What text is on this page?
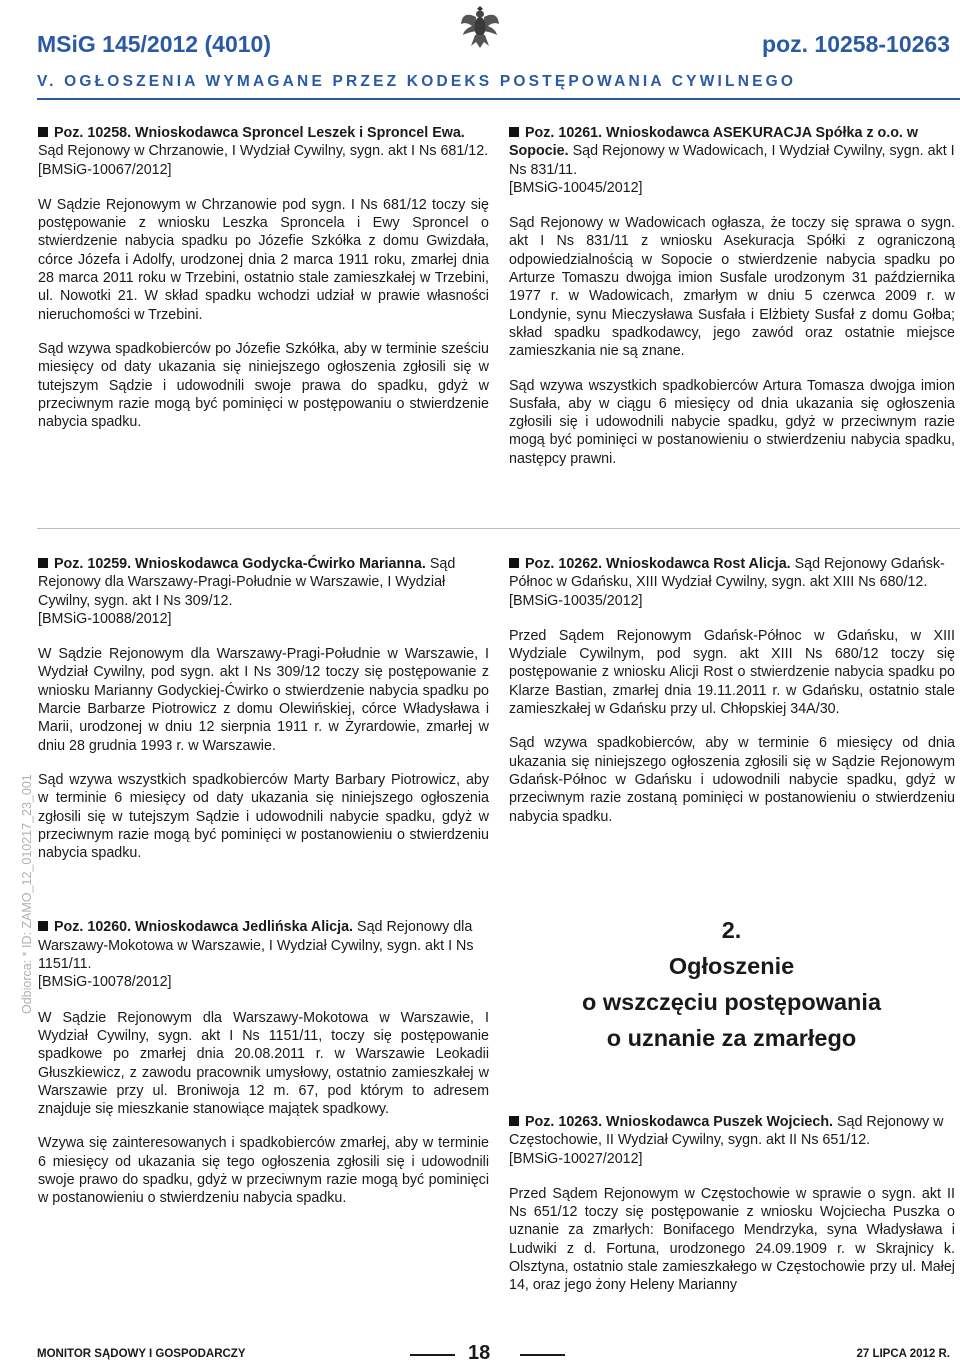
MSiG 145/2012 (4010)	poz. 10258-10263
V. OGŁOSZENIA WYMAGANE PRZEZ KODEKS POSTĘPOWANIA CYWILNEGO
Poz. 10258. Wnioskodawca Sproncel Leszek i Sproncel Ewa. Sąd Rejonowy w Chrzanowie, I Wydział Cywilny, sygn. akt I Ns 681/12.
[BMSiG-10067/2012]

W Sądzie Rejonowym w Chrzanowie pod sygn. I Ns 681/12 toczy się postępowanie z wniosku Leszka Sproncela i Ewy Sproncel o stwierdzenie nabycia spadku po Józefie Szkółka z domu Gwizdała, córce Józefa i Adolfy, urodzonej dnia 2 marca 1911 roku, zmarłej dnia 28 marca 2011 roku w Trzebini, ostatnio stale zamieszkałej w Trzebini, ul. Nowotki 21. W skład spadku wchodzi udział w prawie własności nieruchomości w Trzebini.

Sąd wzywa spadkobierców po Józefie Szkółka, aby w terminie sześciu miesięcy od daty ukazania się niniejszego ogłoszenia zgłosili się w tutejszym Sądzie i udowodnili swoje prawa do spadku, gdyż w przeciwnym razie mogą być pominięci w postępowaniu o stwierdzenie nabycia spadku.

Poz. 10261. Wnioskodawca ASEKURACJA Spółka z o.o. w Sopocie. Sąd Rejonowy w Wadowicach, I Wydział Cywilny, sygn. akt I Ns 831/11.
[BMSiG-10045/2012]

Sąd Rejonowy w Wadowicach ogłasza, że toczy się sprawa o sygn. akt I Ns 831/11 z wniosku Asekuracja Spółki z ograniczoną odpowiedzialnością w Sopocie o stwierdzenie nabycia spadku po Arturze Tomaszu dwojga imion Susfale urodzonym 31 października 1977 r. w Wadowicach, zmarłym w dniu 5 czerwca 2009 r. w Londynie, synu Mieczysława Susfała i Elżbiety Susfał z domu Gołba; skład spadku spadkodawcy, jego zawód oraz ostatnie miejsce zamieszkania nie są znane.

Sąd wzywa wszystkich spadkobierców Artura Tomasza dwojga imion Susfała, aby w ciągu 6 miesięcy od dnia ukazania się ogłoszenia zgłosili się i udowodnili nabycie spadku, gdyż w przeciwnym razie mogą być pominięci w postanowieniu o stwierdzeniu nabycia spadku, następcy prawni.

Poz. 10259. Wnioskodawca Godycka-Ćwirko Marianna. Sąd Rejonowy dla Warszawy-Pragi-Południe w Warszawie, I Wydział Cywilny, sygn. akt I Ns 309/12.
[BMSiG-10088/2012]

W Sądzie Rejonowym dla Warszawy-Pragi-Południe w Warszawie, I Wydział Cywilny, pod sygn. akt I Ns 309/12 toczy się postępowanie z wniosku Marianny Godyckiej-Ćwirko o stwierdzenie nabycia spadku po Marcie Barbarze Piotrowicz z domu Olewińskiej, córce Władysława i Marii, urodzonej w dniu 12 sierpnia 1911 r. w Żyrardowie, zmarłej w dniu 28 grudnia 1993 r. w Warszawie.

Sąd wzywa wszystkich spadkobierców Marty Barbary Piotrowicz, aby w terminie 6 miesięcy od daty ukazania się niniejszego ogłoszenia zgłosili się w tutejszym Sądzie i udowodnili nabycie spadku, gdyż w przeciwnym razie mogą być pominięci w postanowieniu o stwierdzeniu nabycia spadku.

Poz. 10260. Wnioskodawca Jedlińska Alicja. Sąd Rejonowy dla Warszawy-Mokotowa w Warszawie, I Wydział Cywilny, sygn. akt I Ns 1151/11.
[BMSiG-10078/2012]

W Sądzie Rejonowym dla Warszawy-Mokotowa w Warszawie, I Wydział Cywilny, sygn. akt I Ns 1151/11, toczy się postępowanie spadkowe po zmarłej dnia 20.08.2011 r. w Warszawie Leokadii Głuszkiewicz, z zawodu pracownik umysłowy, ostatnio zamieszkałej w Warszawie przy ul. Broniwoja 12 m. 67, pod którym to adresem znajduje się mieszkanie stanowiące majątek spadkowy.

Wzywa się zainteresowanych i spadkobierców zmarłej, aby w terminie 6 miesięcy od ukazania się tego ogłoszenia zgłosili się i udowodnili swoje prawo do spadku, gdyż w przeciwnym razie mogą być pominięci w postanowieniu o stwierdzeniu nabycia spadku.

Poz. 10262. Wnioskodawca Rost Alicja. Sąd Rejonowy Gdańsk-Północ w Gdańsku, XIII Wydział Cywilny, sygn. akt XIII Ns 680/12.
[BMSiG-10035/2012]

Przed Sądem Rejonowym Gdańsk-Północ w Gdańsku, w XIII Wydziale Cywilnym, pod sygn. akt XIII Ns 680/12 toczy się postępowanie z wniosku Alicji Rost o stwierdzenie nabycia spadku po Klarze Bastian, zmarłej dnia 19.11.2011 r. w Gdańsku, ostatnio stale zamieszkałej w Gdańsku przy ul. Chłopskiej 34A/30.

Sąd wzywa spadkobierców, aby w terminie 6 miesięcy od dnia ukazania się niniejszego ogłoszenia zgłosili się w Sądzie Rejonowym Gdańsk-Północ w Gdańsku i udowodnili nabycie spadku, gdyż w przeciwnym razie zostaną pominięci w postanowieniu o stwierdzeniu nabycia spadku.

2.
Ogłoszenie
o wszczęciu postępowania
o uznanie za zmarłego
Poz. 10263. Wnioskodawca Puszek Wojciech. Sąd Rejonowy w Częstochowie, II Wydział Cywilny, sygn. akt II Ns 651/12.
[BMSiG-10027/2012]

Przed Sądem Rejonowym w Częstochowie w sprawie o sygn. akt II Ns 651/12 toczy się postępowanie z wniosku Wojciecha Puszka o uznanie za zmarłych: Bonifacego Mendrzyka, syna Władysława i Ludwiki z d. Fortuna, urodzonego 24.09.1909 r. w Skrajnicy k. Olsztyna, ostatnio stale zamieszkałego w Częstochowie przy ul. Małej 14, oraz jego żony Heleny Marianny

Odbiorca: * ID: ZAMO_12_010217_23_001
MONITOR SĄDOWY I GOSPODARCZY	18	27 LIPCA 2012 R.
